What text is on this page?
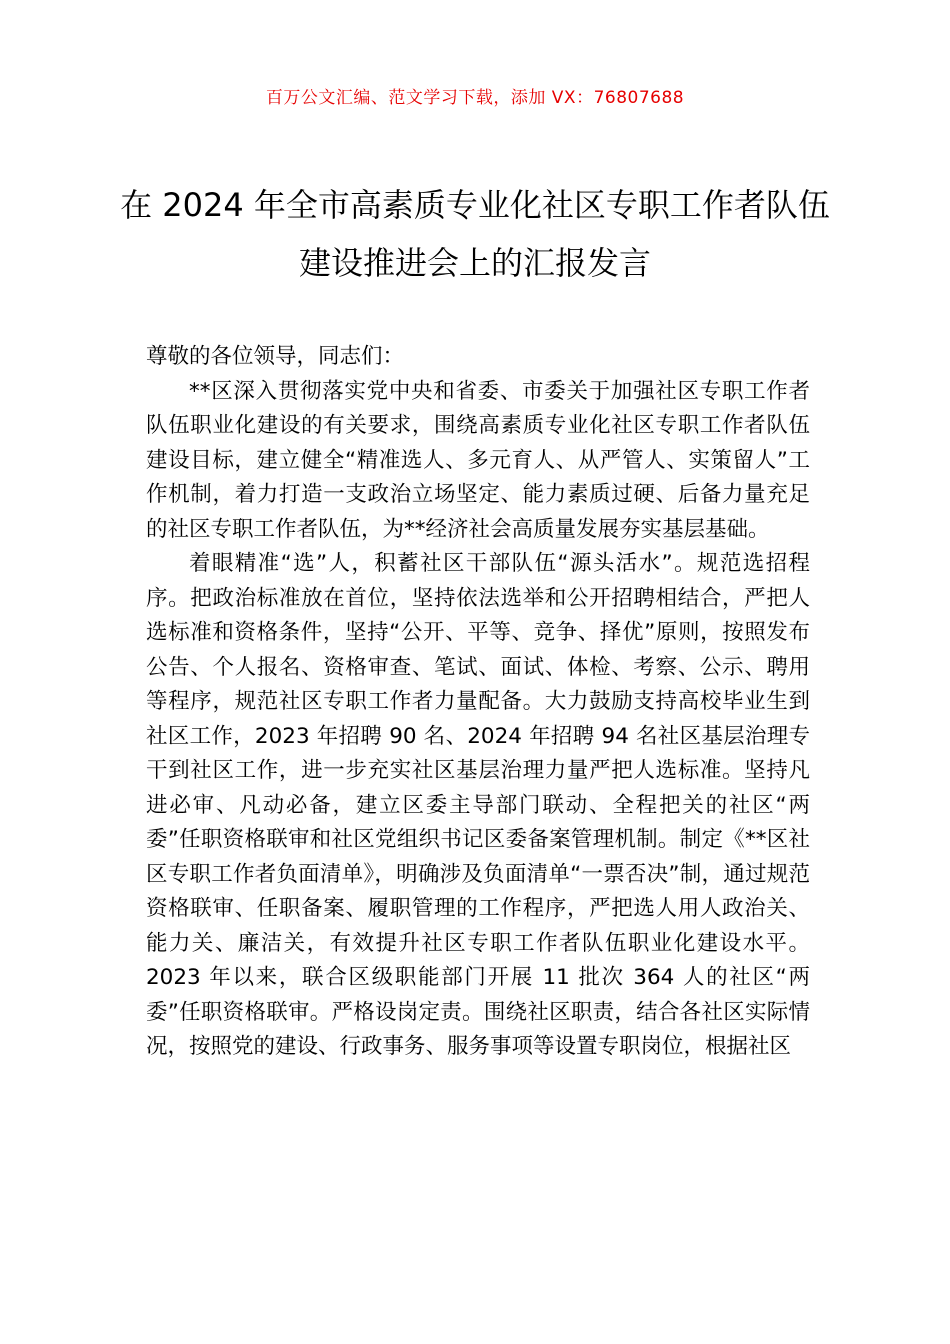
百万公文汇编、范文学习下载，添加 VX：76807688
在 2024 年全市高素质专业化社区专职工作者队伍建设推进会上的汇报发言

尊敬的各位领导，同志们：

**区深入贯彻落实党中央和省委、市委关于加强社区专职工作者队伍职业化建设的有关要求，围绕高素质专业化社区专职工作者队伍建设目标，建立健全“精准选人、多元育人、从严管人、实策留人”工作机制，着力打造一支政治立场坚定、能力素质过硬、后备力量充足的社区专职工作者队伍，为**经济社会高质量发展夯实基层基础。

着眼精准“选”人，积蓄社区干部队伍“源头活水”。规范选招程序。把政治标准放在首位，坚持依法选举和公开招聘相结合，严把人选标准和资格条件，坚持“公开、平等、竞争、择优”原则，按照发布公告、个人报名、资格审查、笔试、面试、体检、考察、公示、聘用等程序，规范社区专职工作者力量配备。大力鼓励支持高校毕业生到社区工作，2023 年招聘 90 名、2024 年招聘 94 名社区基层治理专干到社区工作，进一步充实社区基层治理力量严把人选标准。坚持凡进必审、凡动必备，建立区委主导部门联动、全程把关的社区“两委”任职资格联审和社区党组织书记区委备案管理机制。制定《**区社区专职工作者负面清单》，明确涉及负面清单“一票否决”制，通过规范资格联审、任职备案、履职管理的工作程序，严把选人用人政治关、能力关、廉洁关，有效提升社区专职工作者队伍职业化建设水平。2023 年以来，联合区级职能部门开展 11 批次 364 人的社区“两委”任职资格联审。严格设岗定责。围绕社区职责，结合各社区实际情况，按照党的建设、行政事务、服务事项等设置专职岗位，根据社区
